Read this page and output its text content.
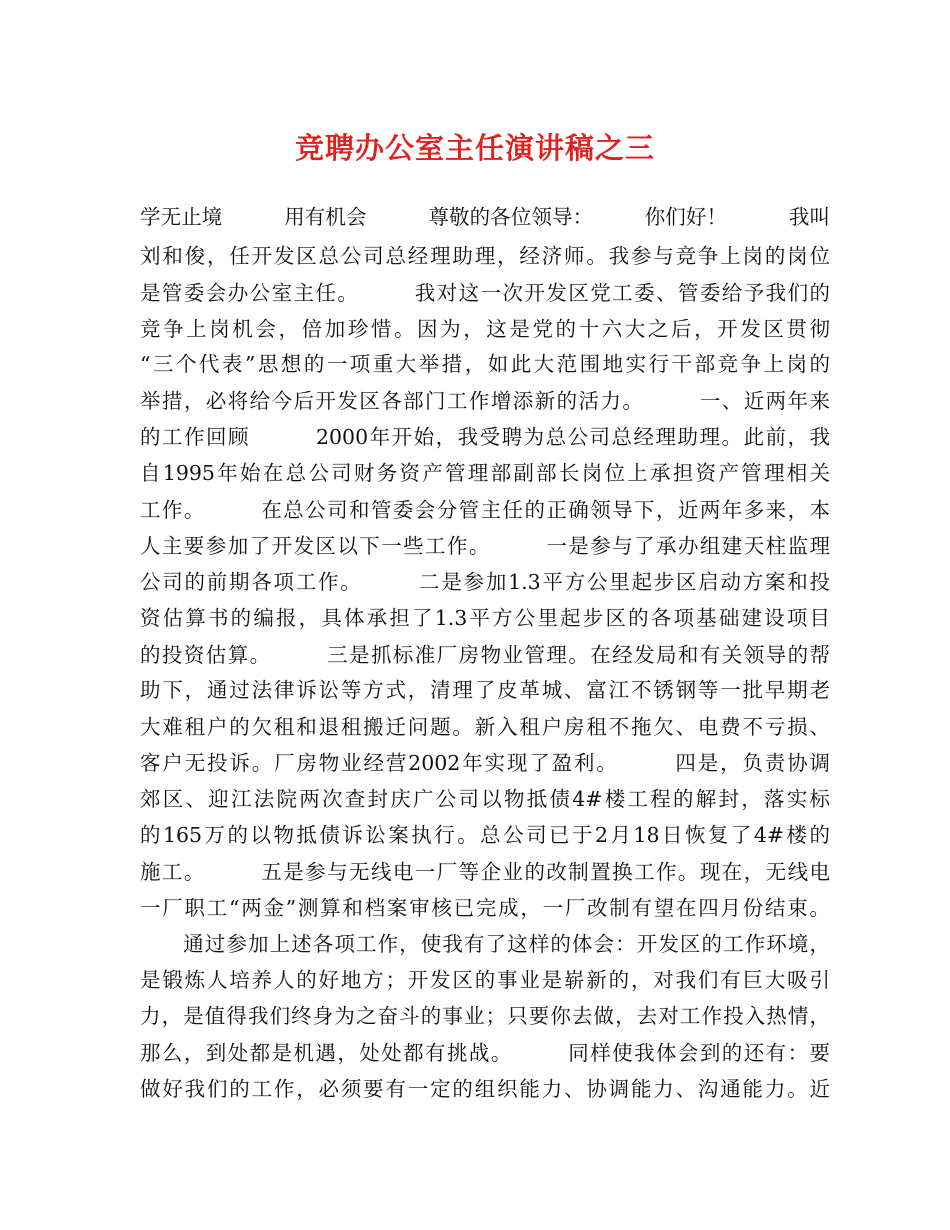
竞聘办公室主任演讲稿之三
学无止境　　　用有机会　　　尊敬的各位领导：　　　你们好！　　　我叫
刘和俊，任开发区总公司总经理助理，经济师。我参与竞争上岗的岗位
是管委会办公室主任。　　　我对这一次开发区党工委、管委给予我们的
竞争上岗机会，倍加珍惜。因为，这是党的十六大之后，开发区贯彻
“三个代表”思想的一项重大举措，如此大范围地实行干部竞争上岗的
举措，必将给今后开发区各部门工作增添新的活力。　　　一、近两年来
的工作回顾　　　2000年开始，我受聘为总公司总经理助理。此前，我
自1995年始在总公司财务资产管理部副部长岗位上承担资产管理相关
工作。　　　在总公司和管委会分管主任的正确领导下，近两年多来，本
人主要参加了开发区以下一些工作。　　　一是参与了承办组建天柱监理
公司的前期各项工作。　　　二是参加1.3平方公里起步区启动方案和投
资估算书的编报，具体承担了1.3平方公里起步区的各项基础建设项目
的投资估算。　　　三是抓标准厂房物业管理。在经发局和有关领导的帮
助下，通过法律诉讼等方式，清理了皮革城、富江不锈钢等一批早期老
大难租户的欠租和退租搬迁问题。新入租户房租不拖欠、电费不亏损、
客户无投诉。厂房物业经营2002年实现了盈利。　　　四是，负责协调
郊区、迎江法院两次查封庆广公司以物抵债4#楼工程的解封，落实标
的165万的以物抵债诉讼案执行。总公司已于2月18日恢复了4#楼的
施工。　　　五是参与无线电一厂等企业的改制置换工作。现在，无线电
一厂职工“两金”测算和档案审核已完成，一厂改制有望在四月份结束。
　　通过参加上述各项工作，使我有了这样的体会：开发区的工作环境，
是锻炼人培养人的好地方；开发区的事业是崭新的，对我们有巨大吸引
力，是值得我们终身为之奋斗的事业；只要你去做，去对工作投入热情，
那么，到处都是机遇，处处都有挑战。　　　同样使我体会到的还有：要
做好我们的工作，必须要有一定的组织能力、协调能力、沟通能力。近
